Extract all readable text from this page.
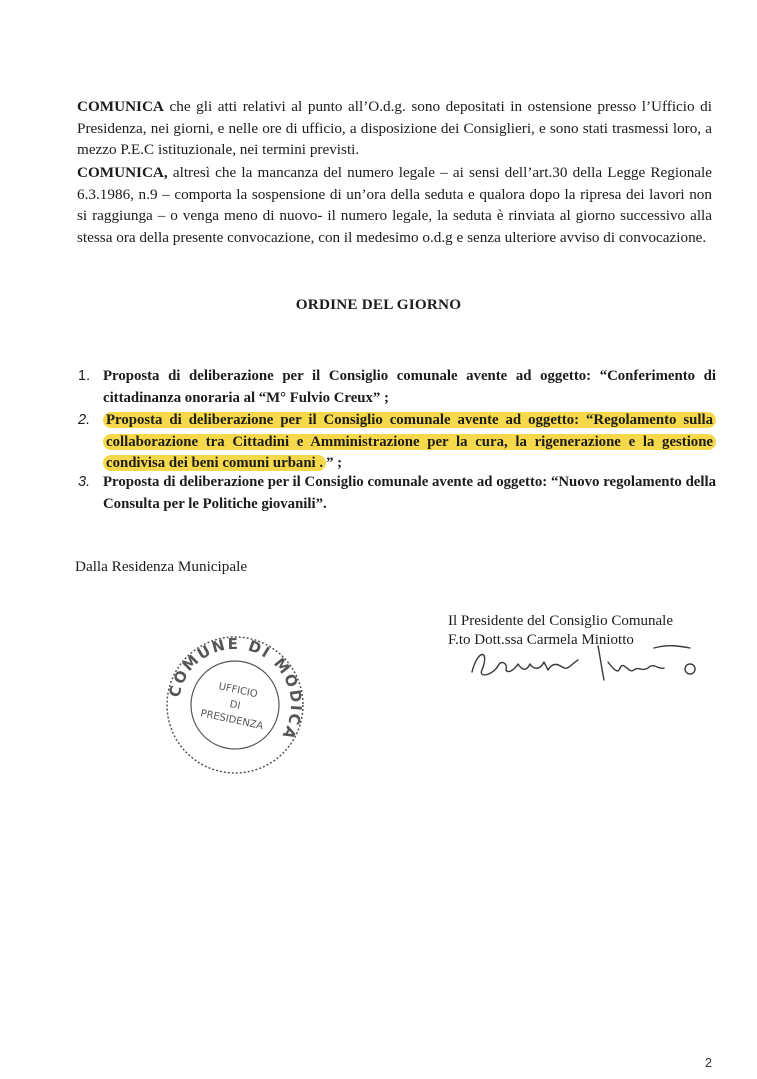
COMUNICA che gli atti relativi al punto all’O.d.g. sono depositati in ostensione presso l’Ufficio di Presidenza, nei giorni, e nelle ore di ufficio, a disposizione dei Consiglieri, e sono stati trasmessi loro, a mezzo P.E.C istituzionale, nei termini previsti.

COMUNICA, altresì che la mancanza del numero legale – ai sensi dell’art.30 della Legge Regionale 6.3.1986, n.9 – comporta la sospensione di un’ora della seduta e qualora dopo la ripresa dei lavori non si raggiunga – o venga meno di nuovo- il numero legale, la seduta è rinviata al giorno successivo alla stessa ora della presente convocazione, con il medesimo o.d.g e senza ulteriore avviso di convocazione.

ORDINE DEL GIORNO
1. Proposta di deliberazione per il Consiglio comunale avente ad oggetto: “Conferimento di cittadinanza onoraria al “M° Fulvio Creux” ;
2. Proposta di deliberazione per il Consiglio comunale avente ad oggetto: “Regolamento sulla collaborazione tra Cittadini e Amministrazione per la cura, la rigenerazione e la gestione condivisa dei beni comuni urbani . ” ;
3. Proposta di deliberazione per il Consiglio comunale avente ad oggetto: “Nuovo regolamento della Consulta per le Politiche giovanili”.
Dalla Residenza Municipale
Il Presidente del Consiglio Comunale
F.to Dott.ssa Carmela Miniotto
COMUNE DI MODICA
UFFICIO
DI
PRESIDENZA
2
